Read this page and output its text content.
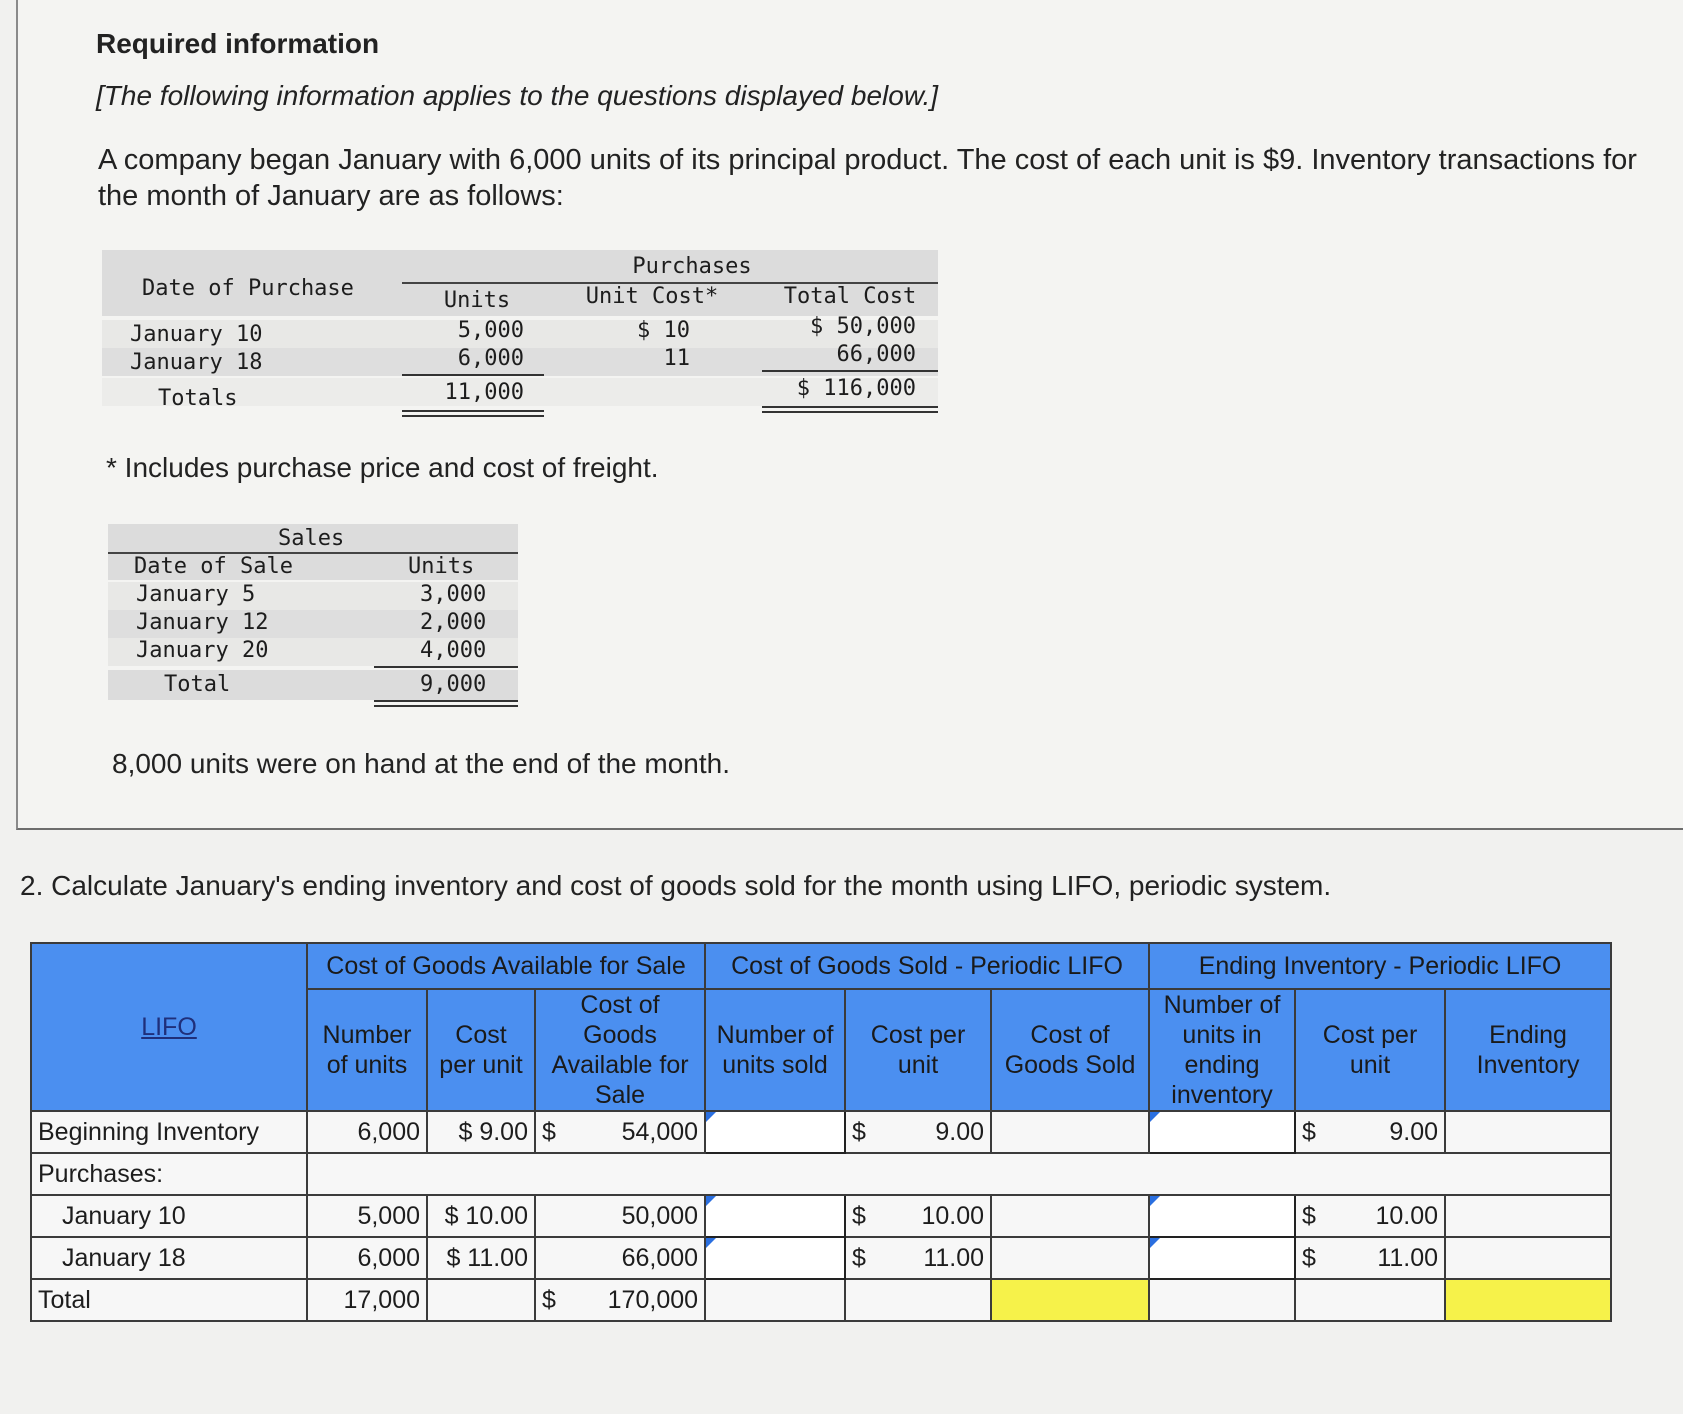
Required information
[The following information applies to the questions displayed below.]
A company began January with 6,000 units of its principal product. The cost of each unit is $9. Inventory transactions for the month of January are as follows:
Date of Purchase
Purchases
Units	Unit Cost*	Total Cost
January 10	5,000	$ 10	$ 50,000
January 18	6,000	11	66,000
Totals	11,000	$ 116,000
* Includes purchase price and cost of freight.
Sales
Date of Sale	Units
January 5	3,000
January 12	2,000
January 20	4,000
Total	9,000
8,000 units were on hand at the end of the month.
2. Calculate January's ending inventory and cost of goods sold for the month using LIFO, periodic system.
LIFO	Cost of Goods Available for Sale			Cost of Goods Sold - Periodic LIFO			Ending Inventory - Periodic LIFO		
	Number of units	Cost per unit	Cost of Goods Available for Sale	Number of units sold	Cost per unit	Cost of Goods Sold	Number of units in ending inventory	Cost per unit	Ending Inventory
Beginning Inventory	6,000	$ 9.00	$ 54,000		$ 9.00			$ 9.00	

Purchases:									
January 10	5,000	$ 10.00	50,000		$ 10.00			$ 10.00	

January 18	6,000	$ 11.00	66,000		$ 11.00			$ 11.00	

Total	17,000		$ 170,000						
